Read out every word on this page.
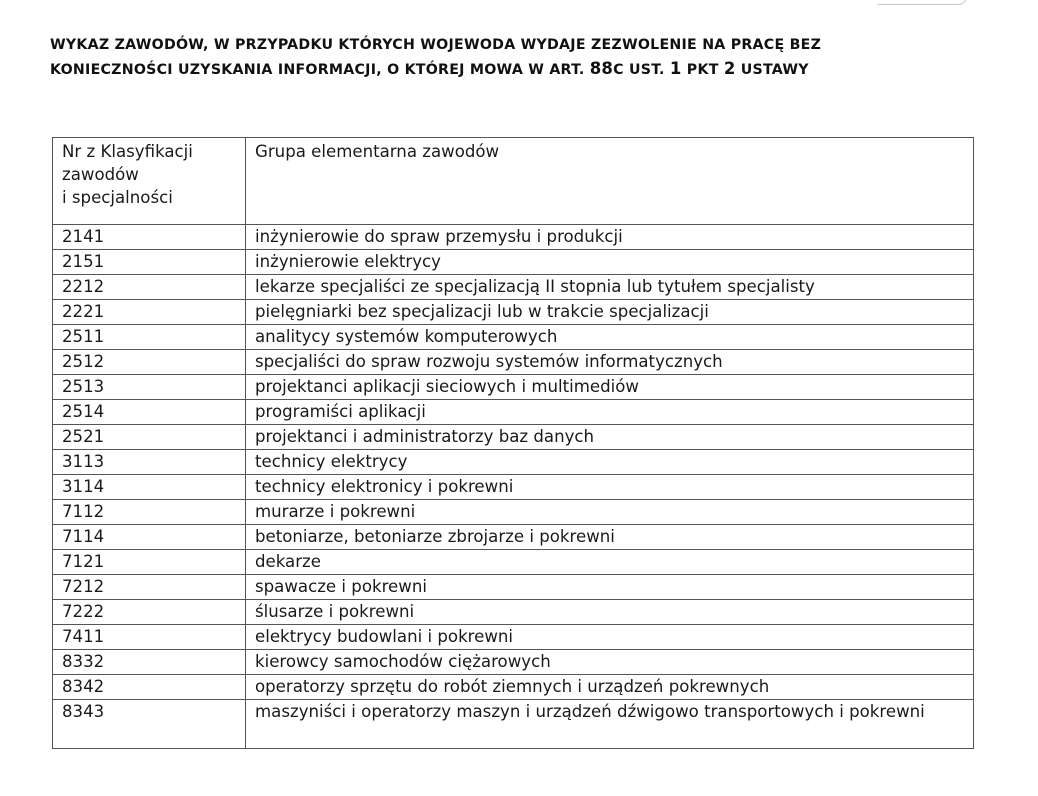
WYKAZ ZAWODÓW, W PRZYPADKU KTÓRYCH WOJEWODA WYDAJE ZEZWOLENIE NA PRACĘ BEZ
KONIECZNOŚCI UZYSKANIA INFORMACJI, O KTÓREJ MOWA W ART. 88C UST. 1 PKT 2 USTAWY
Nr z Klasyfikacji
zawodów
i specjalności	Grupa elementarna zawodów
2141	inżynierowie do spraw przemysłu i produkcji
2151	inżynierowie elektrycy
2212	lekarze specjaliści ze specjalizacją II stopnia lub tytułem specjalisty
2221	pielęgniarki bez specjalizacji lub w trakcie specjalizacji
2511	analitycy systemów komputerowych
2512	specjaliści do spraw rozwoju systemów informatycznych
2513	projektanci aplikacji sieciowych i multimediów
2514	programiści aplikacji
2521	projektanci i administratorzy baz danych
3113	technicy elektrycy
3114	technicy elektronicy i pokrewni
7112	murarze i pokrewni
7114	betoniarze, betoniarze zbrojarze i pokrewni
7121	dekarze
7212	spawacze i pokrewni
7222	ślusarze i pokrewni
7411	elektrycy budowlani i pokrewni
8332	kierowcy samochodów ciężarowych
8342	operatorzy sprzętu do robót ziemnych i urządzeń pokrewnych
8343	maszyniści i operatorzy maszyn i urządzeń dźwigowo transportowych i pokrewni
